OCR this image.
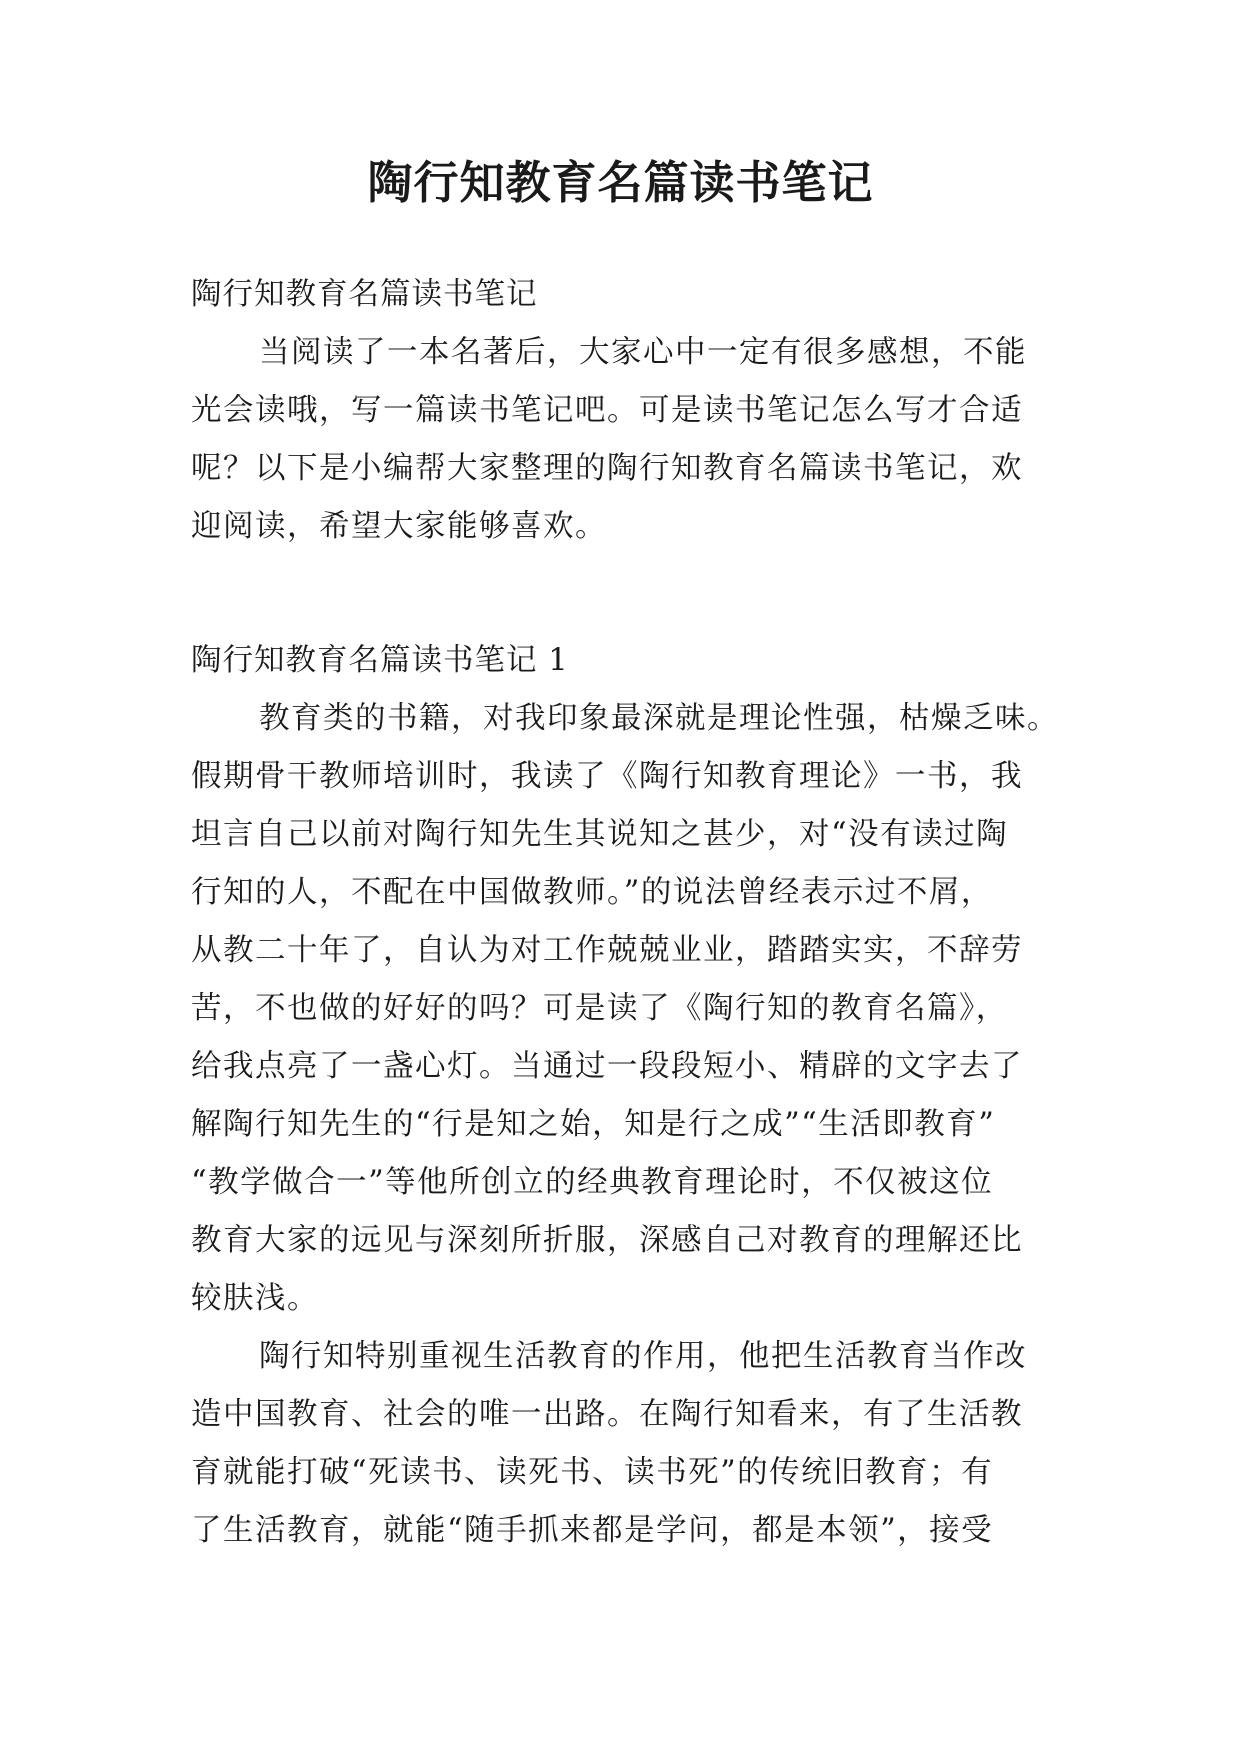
陶行知教育名篇读书笔记
陶行知教育名篇读书笔记
当阅读了一本名著后，大家心中一定有很多感想，不能
光会读哦，写一篇读书笔记吧。可是读书笔记怎么写才合适
呢？以下是小编帮大家整理的陶行知教育名篇读书笔记，欢
迎阅读，希望大家能够喜欢。
陶行知教育名篇读书笔记 1
教育类的书籍，对我印象最深就是理论性强，枯燥乏味。
假期骨干教师培训时，我读了《陶行知教育理论》一书，我
坦言自己以前对陶行知先生其说知之甚少，对“没有读过陶
行知的人，不配在中国做教师。”的说法曾经表示过不屑，
从教二十年了，自认为对工作兢兢业业，踏踏实实，不辞劳
苦，不也做的好好的吗？可是读了《陶行知的教育名篇》，
给我点亮了一盏心灯。当通过一段段短小、精辟的文字去了
解陶行知先生的“行是知之始，知是行之成”“生活即教育”
“教学做合一”等他所创立的经典教育理论时，不仅被这位
教育大家的远见与深刻所折服，深感自己对教育的理解还比
较肤浅。
陶行知特别重视生活教育的作用，他把生活教育当作改
造中国教育、社会的唯一出路。在陶行知看来，有了生活教
育就能打破“死读书、读死书、读书死”的传统旧教育；有
了生活教育，就能“随手抓来都是学问，都是本领”，接受
